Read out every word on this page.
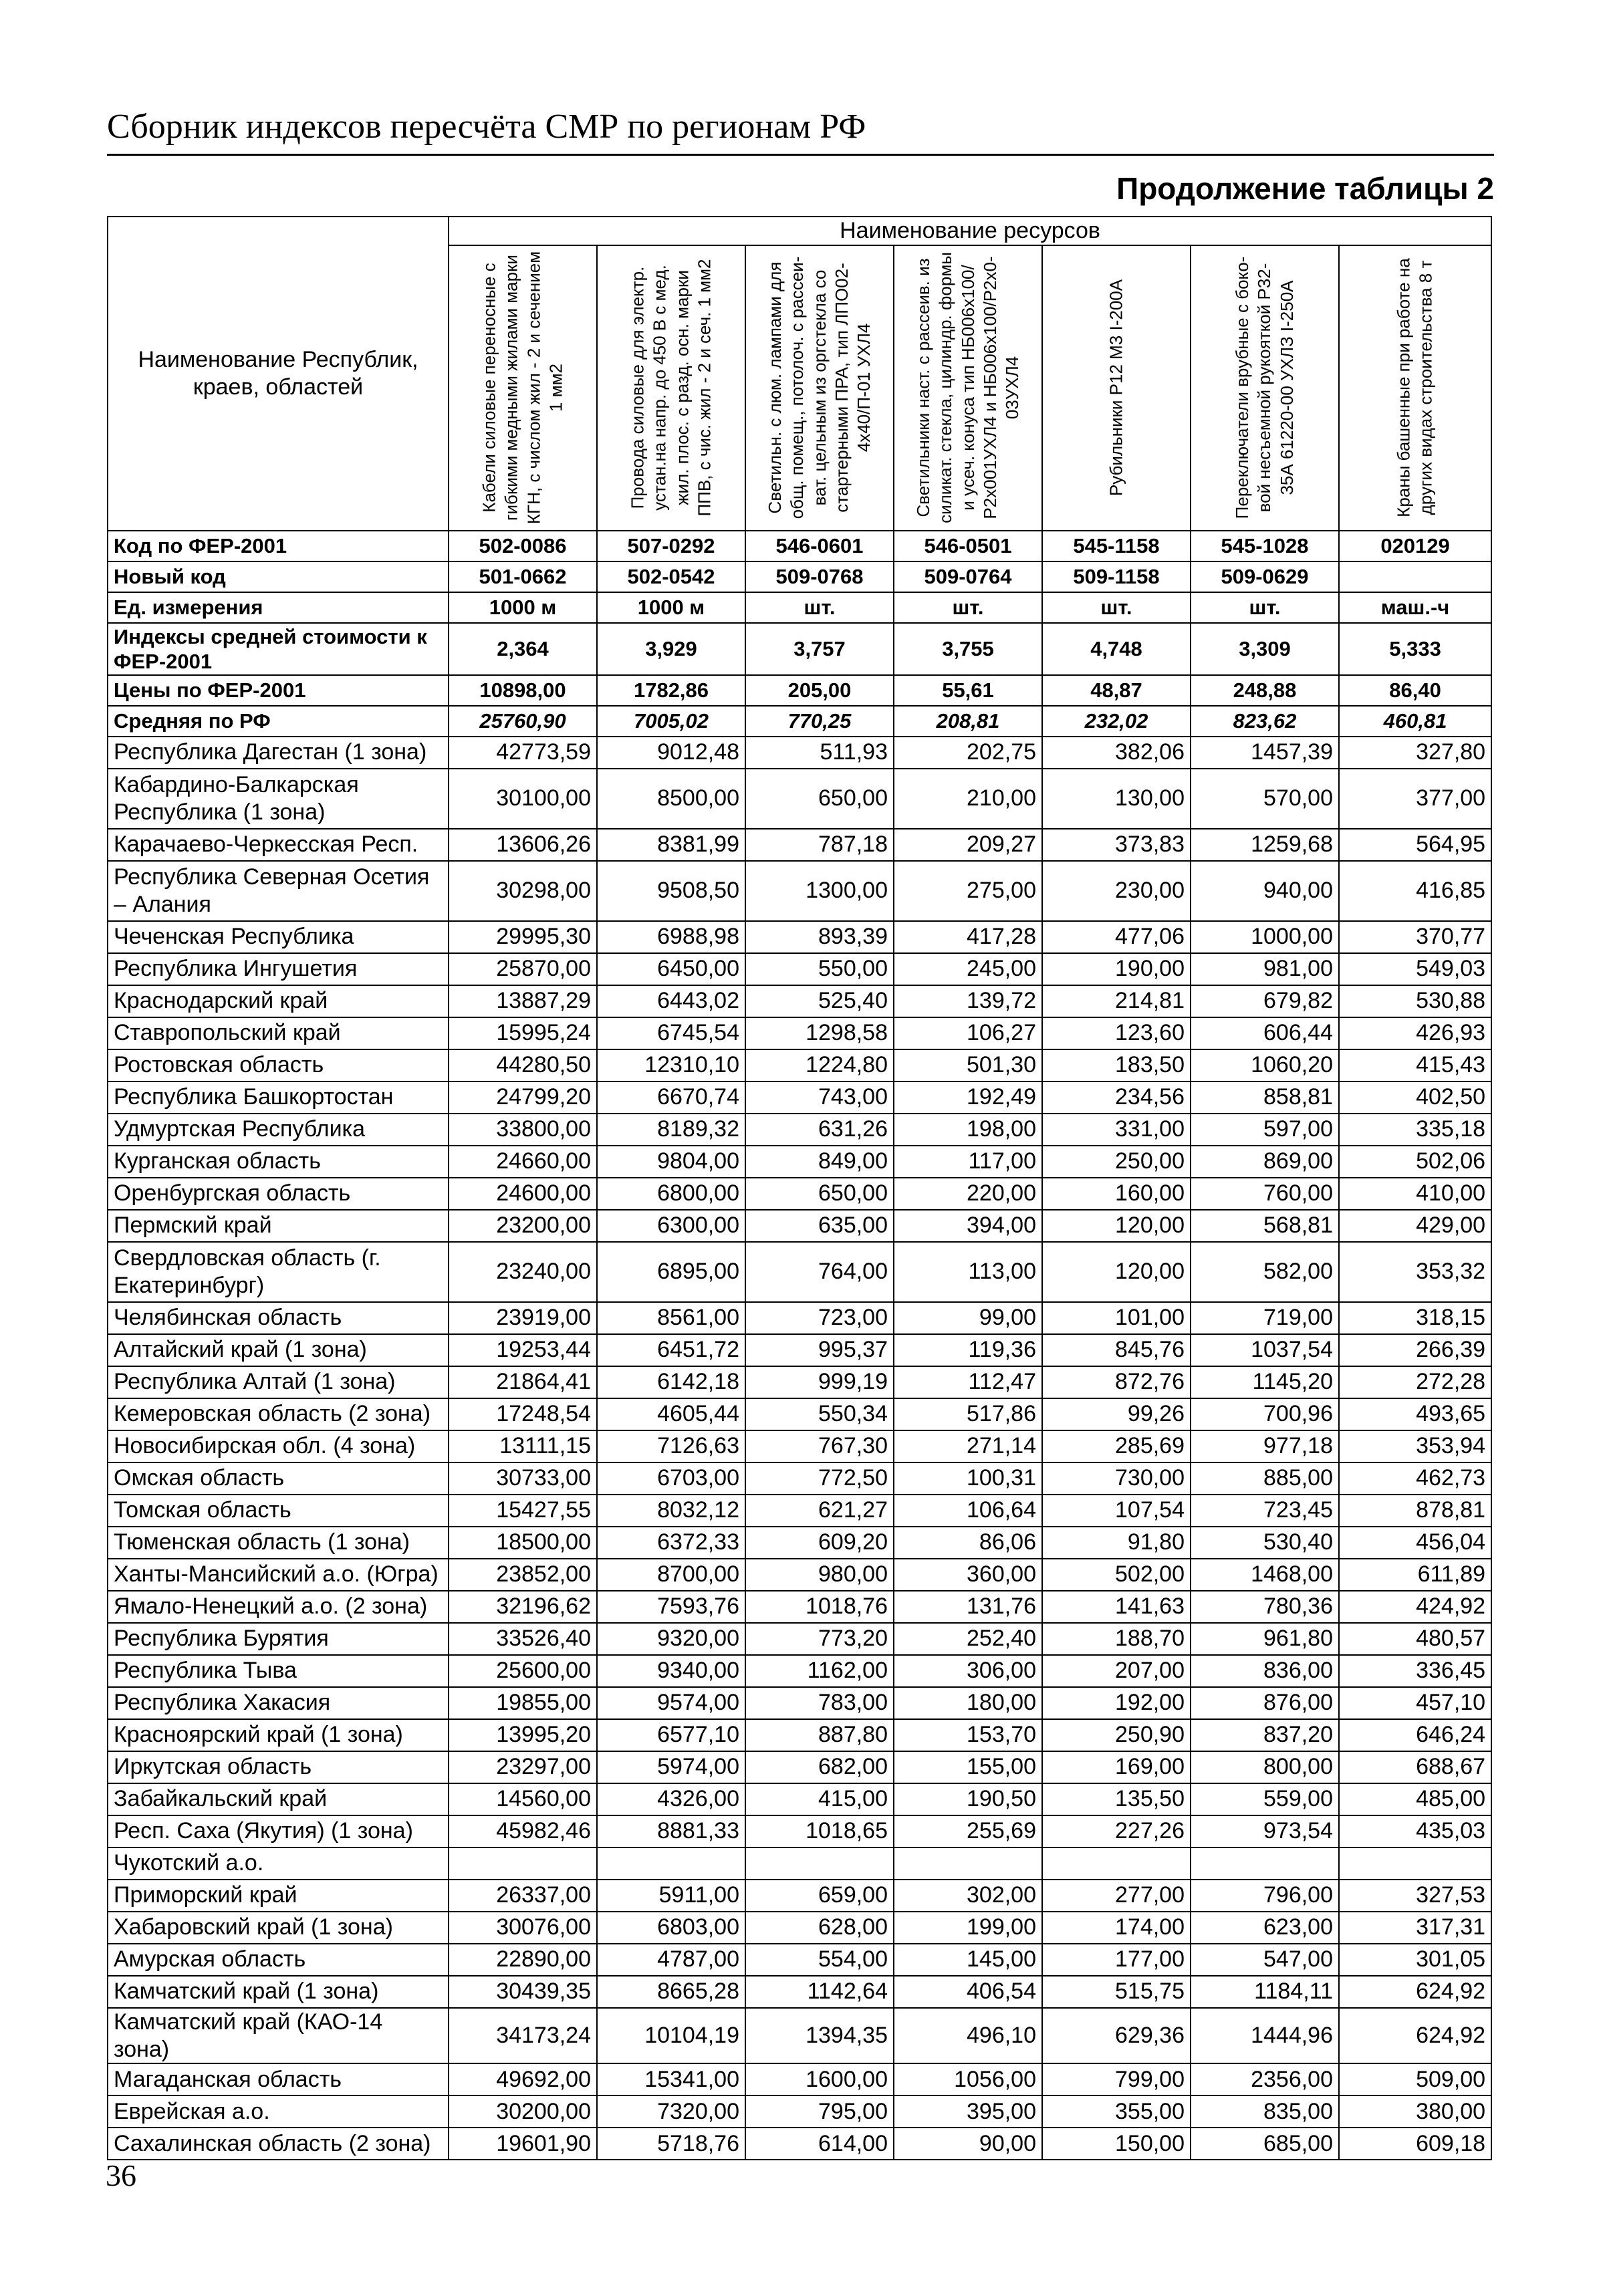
Сборник индексов пересчёта СМР по регионам РФ
Продолжение таблицы 2
Наименование Республик, краев, областей	Наименование ресурсов						

	Кабели силовые переносные с гибкими медными жилами марки КГН, с числом жил - 2 и сечением 1 мм2	Провода силовые для электр. устан.на напр. до 450 В с мед. жил. плос. с разд. осн. марки ППВ, с чис. жил - 2 и сеч. 1 мм2	Светильн. с люм. лампами для общ. помещ., потолоч. с рассеи-ват. цельным из оргстекла со стартерными ПРА, тип ЛПО02-4х40/П-01 УХЛ4	Светильники наст. с рассеив. из силикат. стекла, цилиндр. формы и усеч. конуса тип НБ006х100/Р2х001УХЛ4 и НБ006х100/Р2х0-03УХЛ4	Рубильники Р12 М3 I-200А	Переключатели врубные с боко-вой несъемной рукояткой Р32-35А 61220-00 УХЛЗ I-250А	Краны башенные при работе на других видах строительства 8 т

Код по ФЕР-2001	502-0086	507-0292	546-0601	546-0501	545-1158	545-1028	020129
Новый код	501-0662	502-0542	509-0768	509-0764	509-1158	509-0629	
Ед. измерения	1000 м	1000 м	шт.	шт.	шт.	шт.	маш.-ч
Индексы средней стоимости к ФЕР-2001	2,364	3,929	3,757	3,755	4,748	3,309	5,333
Цены по ФЕР-2001	10898,00	1782,86	205,00	55,61	48,87	248,88	86,40
Средняя по РФ	25760,90	7005,02	770,25	208,81	232,02	823,62	460,81
Республика Дагестан (1 зона)	42773,59	9012,48	511,93	202,75	382,06	1457,39	327,80
Кабардино-Балкарская Республика (1 зона)	30100,00	8500,00	650,00	210,00	130,00	570,00	377,00
Карачаево-Черкесская Респ.	13606,26	8381,99	787,18	209,27	373,83	1259,68	564,95
Республика Северная Осетия – Алания	30298,00	9508,50	1300,00	275,00	230,00	940,00	416,85
Чеченская Республика	29995,30	6988,98	893,39	417,28	477,06	1000,00	370,77
Республика Ингушетия	25870,00	6450,00	550,00	245,00	190,00	981,00	549,03
Краснодарский край	13887,29	6443,02	525,40	139,72	214,81	679,82	530,88
Ставропольский край	15995,24	6745,54	1298,58	106,27	123,60	606,44	426,93
Ростовская область	44280,50	12310,10	1224,80	501,30	183,50	1060,20	415,43
Республика Башкортостан	24799,20	6670,74	743,00	192,49	234,56	858,81	402,50
Удмуртская Республика	33800,00	8189,32	631,26	198,00	331,00	597,00	335,18
Курганская область	24660,00	9804,00	849,00	117,00	250,00	869,00	502,06
Оренбургская область	24600,00	6800,00	650,00	220,00	160,00	760,00	410,00
Пермский край	23200,00	6300,00	635,00	394,00	120,00	568,81	429,00
Свердловская область (г. Екатеринбург)	23240,00	6895,00	764,00	113,00	120,00	582,00	353,32
Челябинская область	23919,00	8561,00	723,00	99,00	101,00	719,00	318,15
Алтайский край (1 зона)	19253,44	6451,72	995,37	119,36	845,76	1037,54	266,39
Республика Алтай (1 зона)	21864,41	6142,18	999,19	112,47	872,76	1145,20	272,28
Кемеровская область (2 зона)	17248,54	4605,44	550,34	517,86	99,26	700,96	493,65
Новосибирская обл. (4 зона)	13111,15	7126,63	767,30	271,14	285,69	977,18	353,94
Омская область	30733,00	6703,00	772,50	100,31	730,00	885,00	462,73
Томская область	15427,55	8032,12	621,27	106,64	107,54	723,45	878,81
Тюменская область (1 зона)	18500,00	6372,33	609,20	86,06	91,80	530,40	456,04
Ханты-Мансийский а.о. (Югра)	23852,00	8700,00	980,00	360,00	502,00	1468,00	611,89
Ямало-Ненецкий а.о. (2 зона)	32196,62	7593,76	1018,76	131,76	141,63	780,36	424,92
Республика Бурятия	33526,40	9320,00	773,20	252,40	188,70	961,80	480,57
Республика Тыва	25600,00	9340,00	1162,00	306,00	207,00	836,00	336,45
Республика Хакасия	19855,00	9574,00	783,00	180,00	192,00	876,00	457,10
Красноярский край (1 зона)	13995,20	6577,10	887,80	153,70	250,90	837,20	646,24
Иркутская область	23297,00	5974,00	682,00	155,00	169,00	800,00	688,67
Забайкальский край	14560,00	4326,00	415,00	190,50	135,50	559,00	485,00
Респ. Саха (Якутия) (1 зона)	45982,46	8881,33	1018,65	255,69	227,26	973,54	435,03
Чукотский а.о.							
Приморский край	26337,00	5911,00	659,00	302,00	277,00	796,00	327,53
Хабаровский край (1 зона)	30076,00	6803,00	628,00	199,00	174,00	623,00	317,31
Амурская область	22890,00	4787,00	554,00	145,00	177,00	547,00	301,05
Камчатский край (1 зона)	30439,35	8665,28	1142,64	406,54	515,75	1184,11	624,92
Камчатский край (КАО-14 зона)	34173,24	10104,19	1394,35	496,10	629,36	1444,96	624,92
Магаданская область	49692,00	15341,00	1600,00	1056,00	799,00	2356,00	509,00
Еврейская а.о.	30200,00	7320,00	795,00	395,00	355,00	835,00	380,00
Сахалинская область (2 зона)	19601,90	5718,76	614,00	90,00	150,00	685,00	609,18
36
